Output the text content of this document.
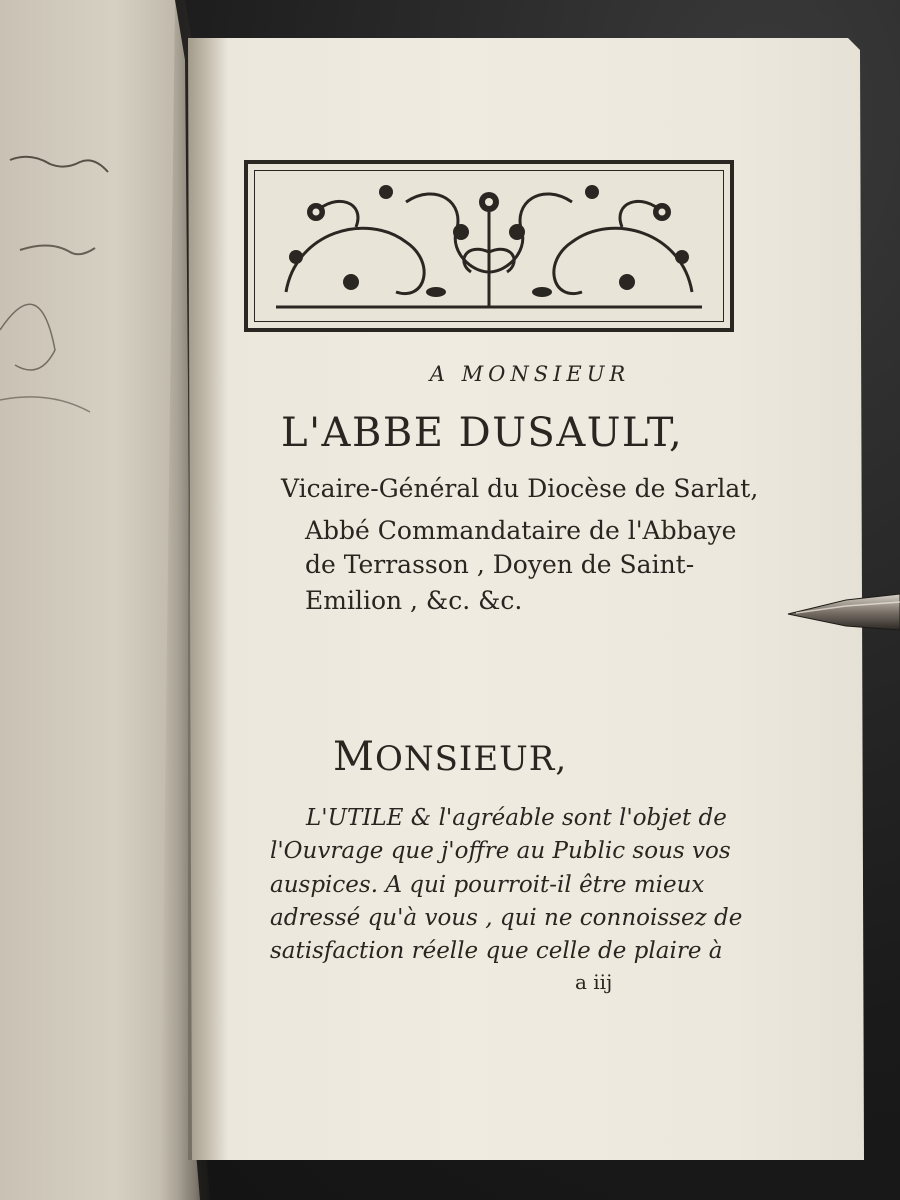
A MONSIEUR
L'ABBE DUSAULT,
Vicaire-Général du Diocèse de Sarlat,
Abbé Commandataire de l'Abbaye
de Terrasson , Doyen de Saint-
Emilion , &c. &c.
MONSIEUR,
L'UTILE & l'agréable sont l'objet de
l'Ouvrage que j'offre au Public sous vos
auspices. A qui pourroit-il être mieux
adressé qu'à vous , qui ne connoissez de
satisfaction réelle que celle de plaire à
a iij
